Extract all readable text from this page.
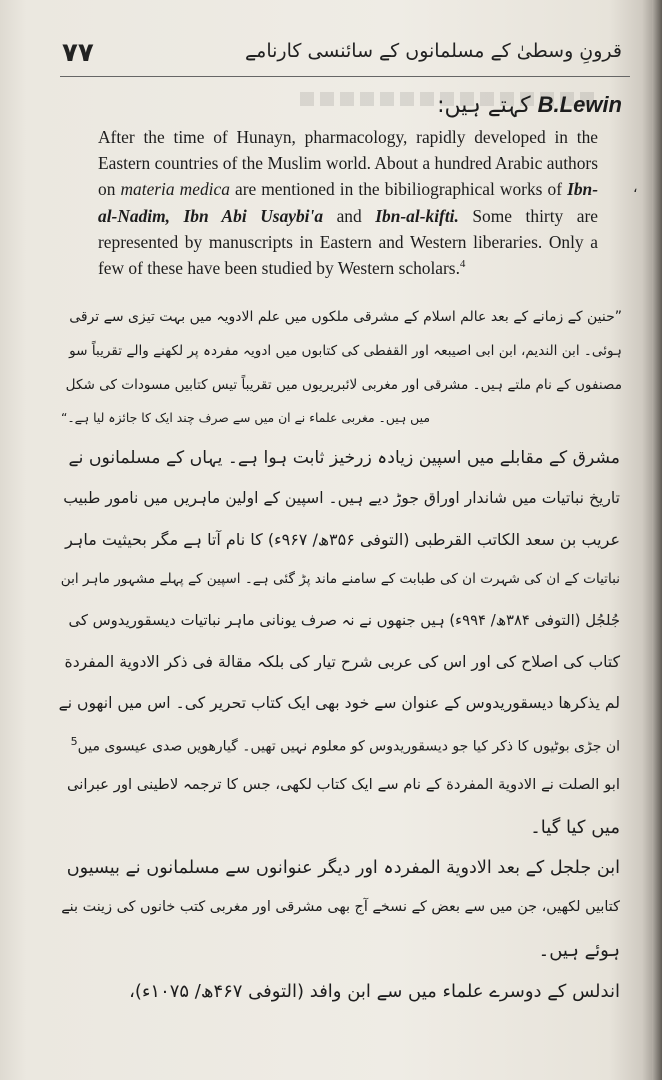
،
٧٧	قرونِ وسطیٰ کے مسلمانوں کے سائنسی کارنامے
B.Lewin کہتے ہیں:
After the time of Hunayn, pharmacology, rapidly developed in the Eastern countries of the Muslim world. About a hundred Arabic authors on materia medica are mentioned in the bibiliographical works of Ibn-al-Nadim, Ibn Abi Usaybi'a and Ibn-al-kifti. Some thirty are represented by manuscripts in Eastern and Western liberaries. Only a few of these have been studied by Western scholars.$^4$
”حنین کے زمانے کے بعد عالم اسلام کے مشرقی ملکوں میں علم الادویہ میں بہت تیزی سے ترقی
ہوئی۔ ابن الندیم، ابن ابی اصیبعہ اور القفطی کی کتابوں میں ادویہ مفردہ پر لکھنے والے تقریباً سو
مصنفوں کے نام ملتے ہیں۔ مشرقی اور مغربی لائبریریوں میں تقریباً تیس کتابیں مسودات کی شکل
میں ہیں۔ مغربی علماء نے ان میں سے صرف چند ایک کا جائزہ لیا ہے۔“
مشرق کے مقابلے میں اسپین زیادہ زرخیز ثابت ہوا ہے۔ یہاں کے مسلمانوں نے
تاریخ نباتیات میں شاندار اوراق جوڑ دیے ہیں۔ اسپین کے اولین ماہریں میں نامور طبیب
عریب بن سعد الکاتب القرطبی (التوفی ۳۵۶ھ/ ۹۶۷ء) کا نام آتا ہے مگر بحیثیت ماہر
نباتیات کے ان کی شہرت ان کی طبابت کے سامنے ماند پڑ گئی ہے۔ اسپین کے پہلے مشہور ماہر ابن
جُلجُل (التوفی ۳۸۴ھ/ ۹۹۴ء) ہیں جنھوں نے نہ صرف یونانی ماہر نباتیات دیسقوریدوس کی
کتاب کی اصلاح کی اور اس کی عربی شرح تیار کی بلکہ مقالة فی ذکر الادویة المفردة
لم یذکرها دیسقوریدوس کے عنوان سے خود بھی ایک کتاب تحریر کی۔ اس میں انھوں نے
ان جڑی بوٹیوں کا ذکر کیا جو دیسقوریدوس کو معلوم نہیں تھیں۔ گیارھویں صدی عیسوی میں$^5$
ابو الصلت نے الادویة المفردة کے نام سے ایک کتاب لکھی، جس کا ترجمہ لاطینی اور عبرانی
میں کیا گیا۔
ابن جلجل کے بعد الادویة المفردہ اور دیگر عنوانوں سے مسلمانوں نے بیسیوں
کتابیں لکھیں، جن میں سے بعض کے نسخے آج بھی مشرقی اور مغربی کتب خانوں کی زینت بنے
ہوئے ہیں۔
اندلس کے دوسرے علماء میں سے ابن وافد (التوفی ۴۶۷ھ/ ۱۰۷۵ء)،
